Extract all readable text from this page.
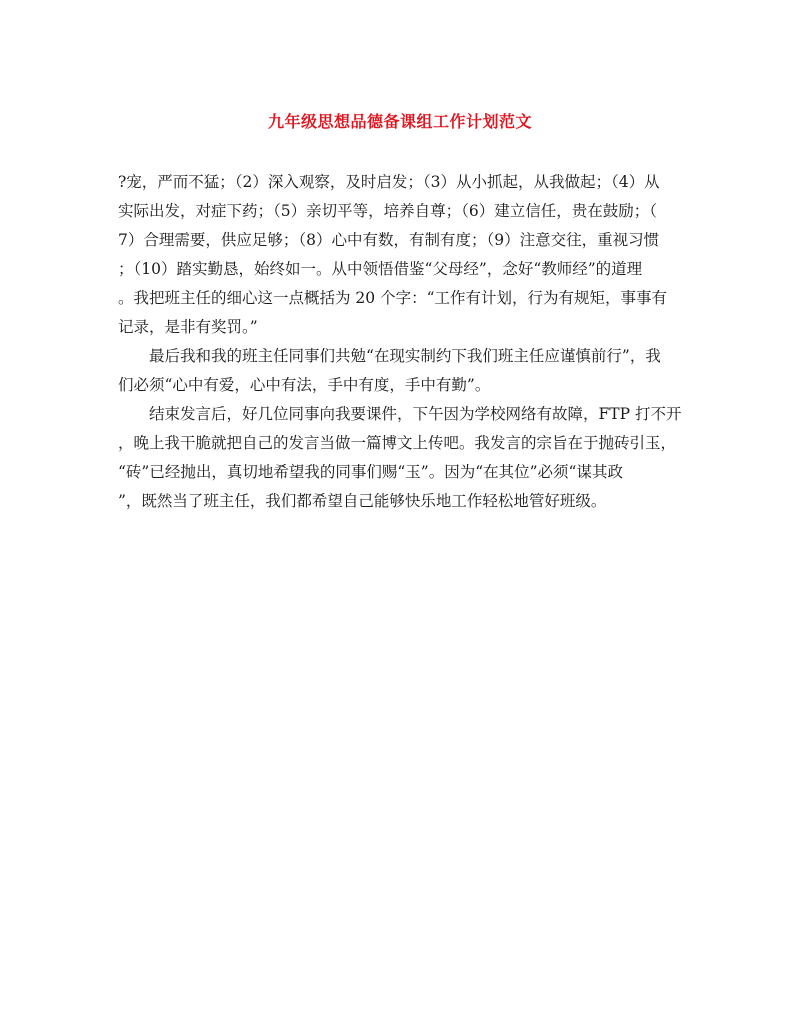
九年级思想品德备课组工作计划范文
?宠，严而不猛；（2）深入观察，及时启发；（3）从小抓起，从我做起；（4）从
实际出发，对症下药；（5）亲切平等，培养自尊；（6）建立信任，贵在鼓励；（
7）合理需要，供应足够；（8）心中有数，有制有度；（9）注意交往，重视习惯
；（10）踏实勤恳，始终如一。从中领悟借鉴“父母经”，念好“教师经”的道理
。我把班主任的细心这一点概括为 20 个字：“工作有计划，行为有规矩，事事有
记录，是非有奖罚。”
最后我和我的班主任同事们共勉“在现实制约下我们班主任应谨慎前行”，我
们必须“心中有爱，心中有法，手中有度，手中有勤”。
结束发言后，好几位同事向我要课件，下午因为学校网络有故障，FTP 打不开
，晚上我干脆就把自己的发言当做一篇博文上传吧。我发言的宗旨在于抛砖引玉，
“砖”已经抛出，真切地希望我的同事们赐“玉”。因为“在其位”必须“谋其政
”，既然当了班主任，我们都希望自己能够快乐地工作轻松地管好班级。
